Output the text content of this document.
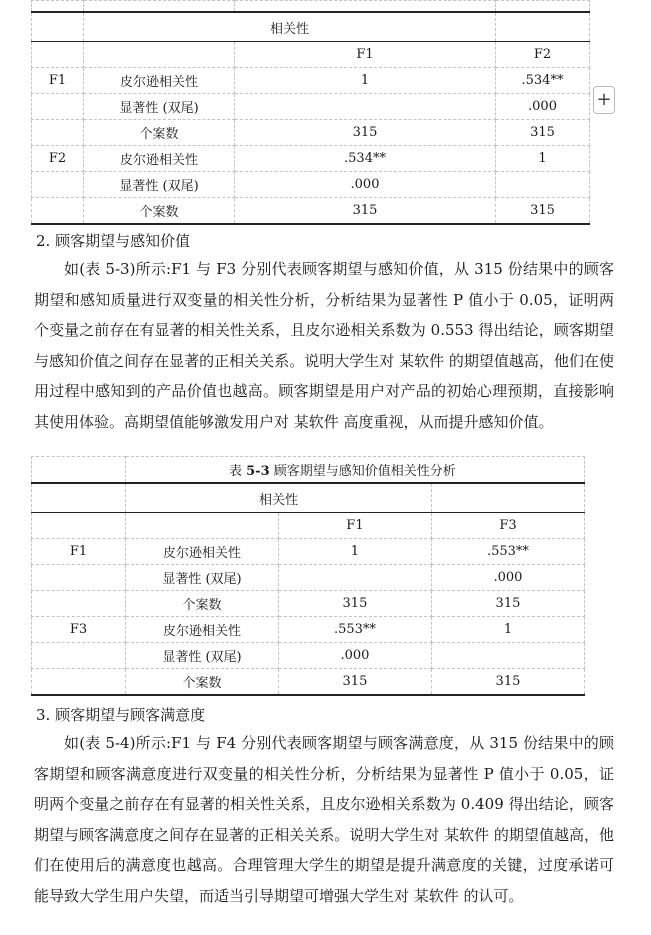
	相关性		
		F1	F2
F1	皮尔逊相关性	1	.534**
	显著性 (双尾)		.000
	个案数	315	315
F2	皮尔逊相关性	.534**	1
	显著性 (双尾)	.000	
	个案数	315	315
+
2. 顾客期望与感知价值

如(表 5-3)所示:F1 与 F3 分别代表顾客期望与感知价值，从 315 份结果中的顾客期望和感知质量进行双变量的相关性分析，分析结果为显著性 P 值小于 0.05，证明两个变量之前存在有显著的相关性关系，且皮尔逊相关系数为 0.553 得出结论，顾客期望与感知价值之间存在显著的正相关关系。说明大学生对 某软件 的期望值越高，他们在使用过程中感知到的产品价值也越高。顾客期望是用户对产品的初始心理预期，直接影响其使用体验。高期望值能够激发用户对 某软件 高度重视，从而提升感知价值。

	表 5-3 顾客期望与感知价值相关性分析		
	相关性		
		F1	F3
F1	皮尔逊相关性	1	.553**
	显著性 (双尾)		.000
	个案数	315	315
F3	皮尔逊相关性	.553**	1
	显著性 (双尾)	.000	
	个案数	315	315
3. 顾客期望与顾客满意度

如(表 5-4)所示:F1 与 F4 分别代表顾客期望与顾客满意度，从 315 份结果中的顾客期望和顾客满意度进行双变量的相关性分析，分析结果为显著性 P 值小于 0.05，证明两个变量之前存在有显著的相关性关系，且皮尔逊相关系数为 0.409 得出结论，顾客期望与顾客满意度之间存在显著的正相关关系。说明大学生对 某软件 的期望值越高，他们在使用后的满意度也越高。合理管理大学生的期望是提升满意度的关键，过度承诺可能导致大学生用户失望，而适当引导期望可增强大学生对 某软件 的认可。
